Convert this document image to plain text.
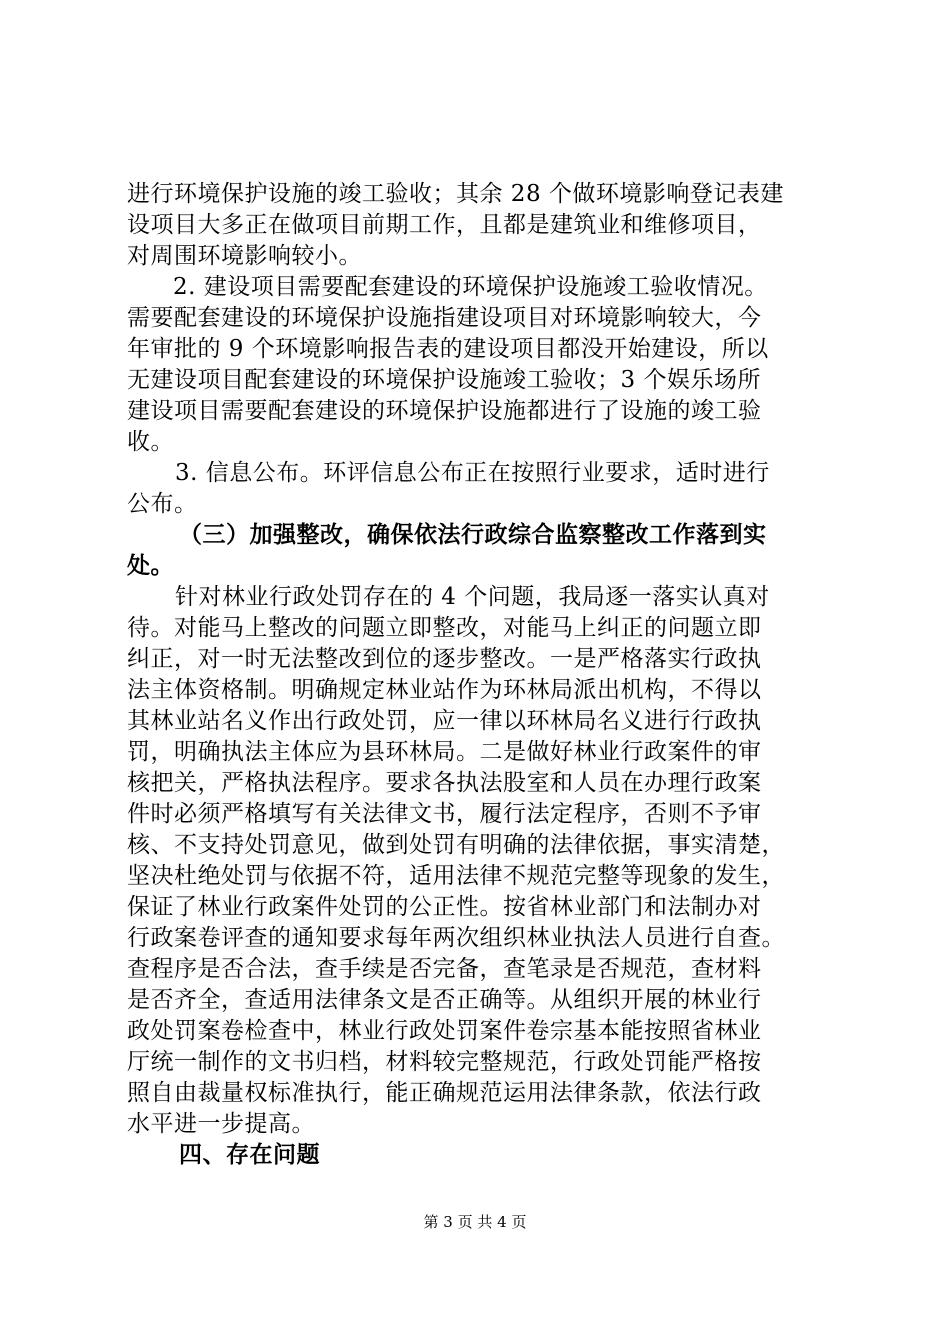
进行环境保护设施的竣工验收；其余 28 个做环境影响登记表建
设项目大多正在做项目前期工作，且都是建筑业和维修项目，
对周围环境影响较小。
2. 建设项目需要配套建设的环境保护设施竣工验收情况。
需要配套建设的环境保护设施指建设项目对环境影响较大，今
年审批的 9 个环境影响报告表的建设项目都没开始建设，所以
无建设项目配套建设的环境保护设施竣工验收；3 个娱乐场所
建设项目需要配套建设的环境保护设施都进行了设施的竣工验
收。
3. 信息公布。环评信息公布正在按照行业要求，适时进行
公布。
（三）加强整改，确保依法行政综合监察整改工作落到实
处。
针对林业行政处罚存在的 4 个问题，我局逐一落实认真对
待。对能马上整改的问题立即整改，对能马上纠正的问题立即
纠正，对一时无法整改到位的逐步整改。一是严格落实行政执
法主体资格制。明确规定林业站作为环林局派出机构，不得以
其林业站名义作出行政处罚，应一律以环林局名义进行行政执
罚，明确执法主体应为县环林局。二是做好林业行政案件的审
核把关，严格执法程序。要求各执法股室和人员在办理行政案
件时必须严格填写有关法律文书，履行法定程序，否则不予审
核、不支持处罚意见，做到处罚有明确的法律依据，事实清楚，
坚决杜绝处罚与依据不符，适用法律不规范完整等现象的发生，
保证了林业行政案件处罚的公正性。按省林业部门和法制办对
行政案卷评查的通知要求每年两次组织林业执法人员进行自查。
查程序是否合法，查手续是否完备，查笔录是否规范，查材料
是否齐全，查适用法律条文是否正确等。从组织开展的林业行
政处罚案卷检查中，林业行政处罚案件卷宗基本能按照省林业
厅统一制作的文书归档，材料较完整规范，行政处罚能严格按
照自由裁量权标准执行，能正确规范运用法律条款，依法行政
水平进一步提高。
四、存在问题
第 3 页 共 4 页
